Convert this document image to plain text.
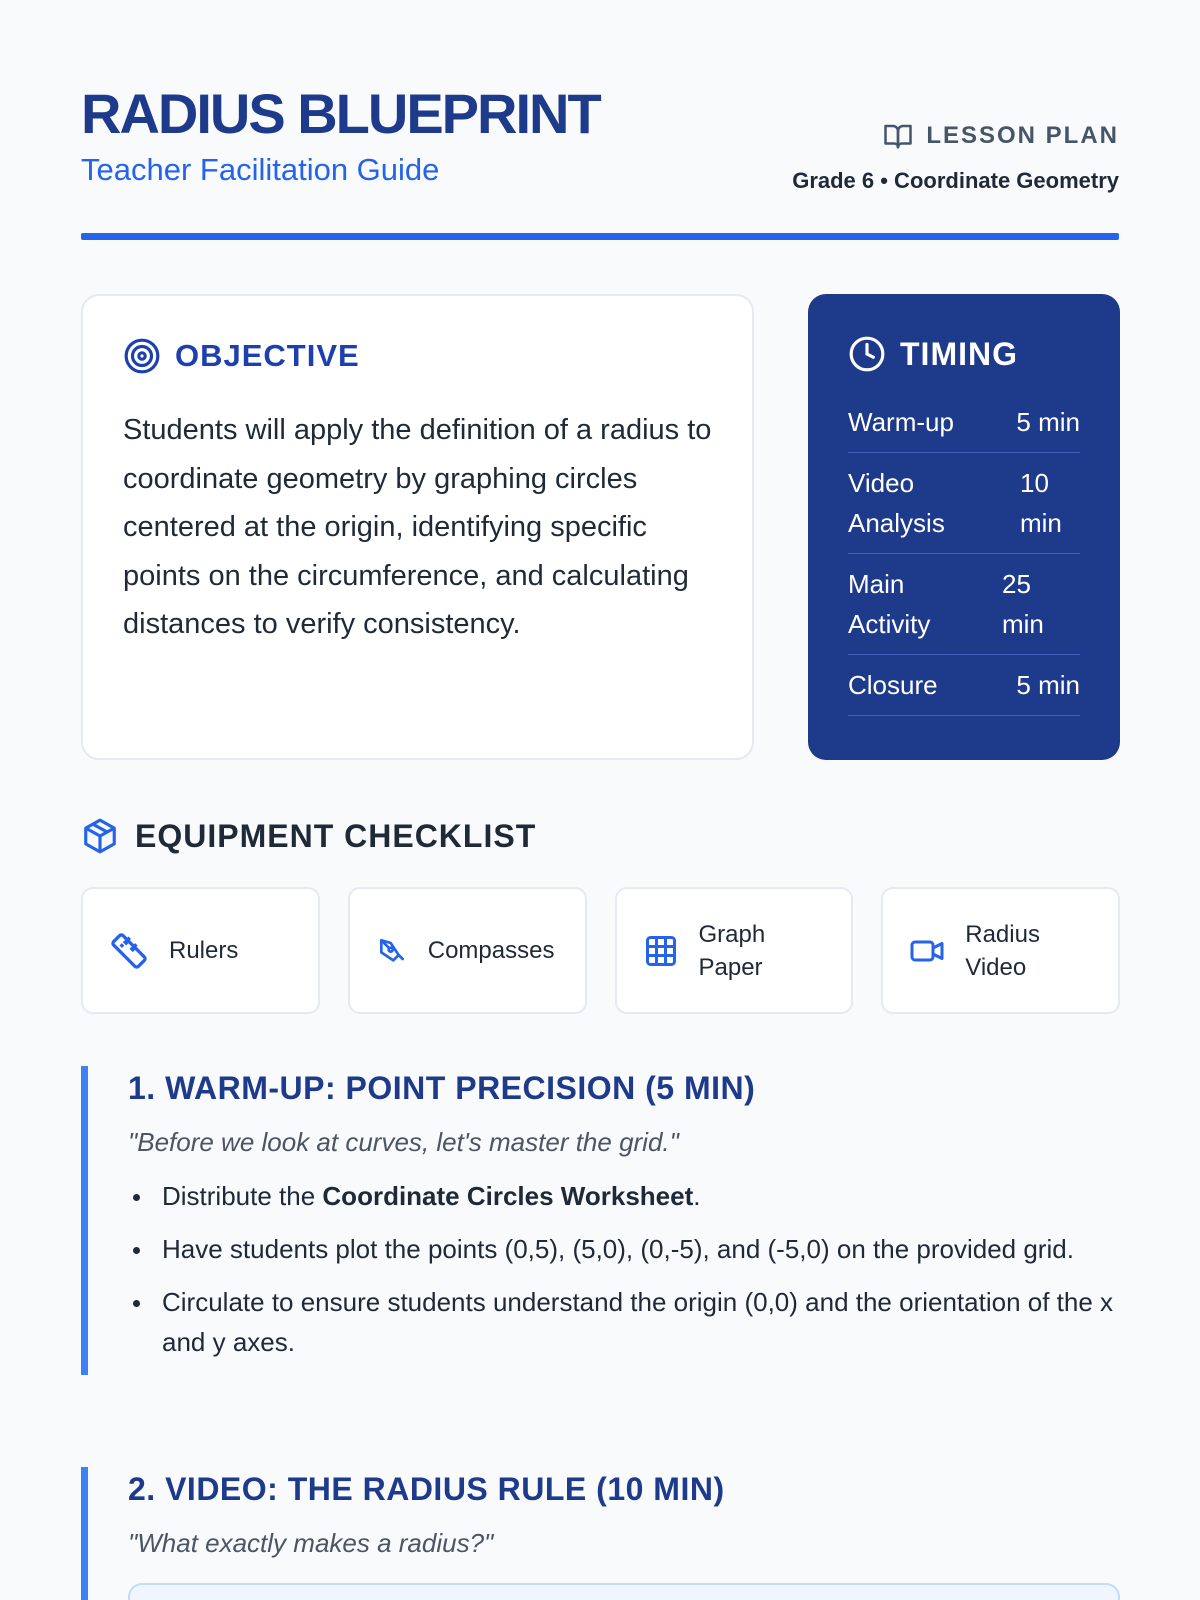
RADIUS BLUEPRINT
Teacher Facilitation Guide
LESSON PLAN
Grade 6 • Coordinate Geometry
OBJECTIVE

Students will apply the definition of a radius to coordinate geometry by graphing circles centered at the origin, identifying specific points on the circumference, and calculating distances to verify consistency.

TIMING
Warm-up 5 min
Video Analysis
10 min
Main Activity
25 min
Closure	5 min
EQUIPMENT CHECKLIST
Rulers	Compasses
Graph Paper
Radius Video
1. WARM-UP: POINT PRECISION (5 MIN)
"Before we look at curves, let's master the grid."
Distribute the Coordinate Circles Worksheet.
Have students plot the points (0,5), (5,0), (0,-5), and (-5,0) on the provided grid.
Circulate to ensure students understand the origin (0,0) and the orientation of the x and y axes.
2. VIDEO: THE RADIUS RULE (10 MIN)
"What exactly makes a radius?"
